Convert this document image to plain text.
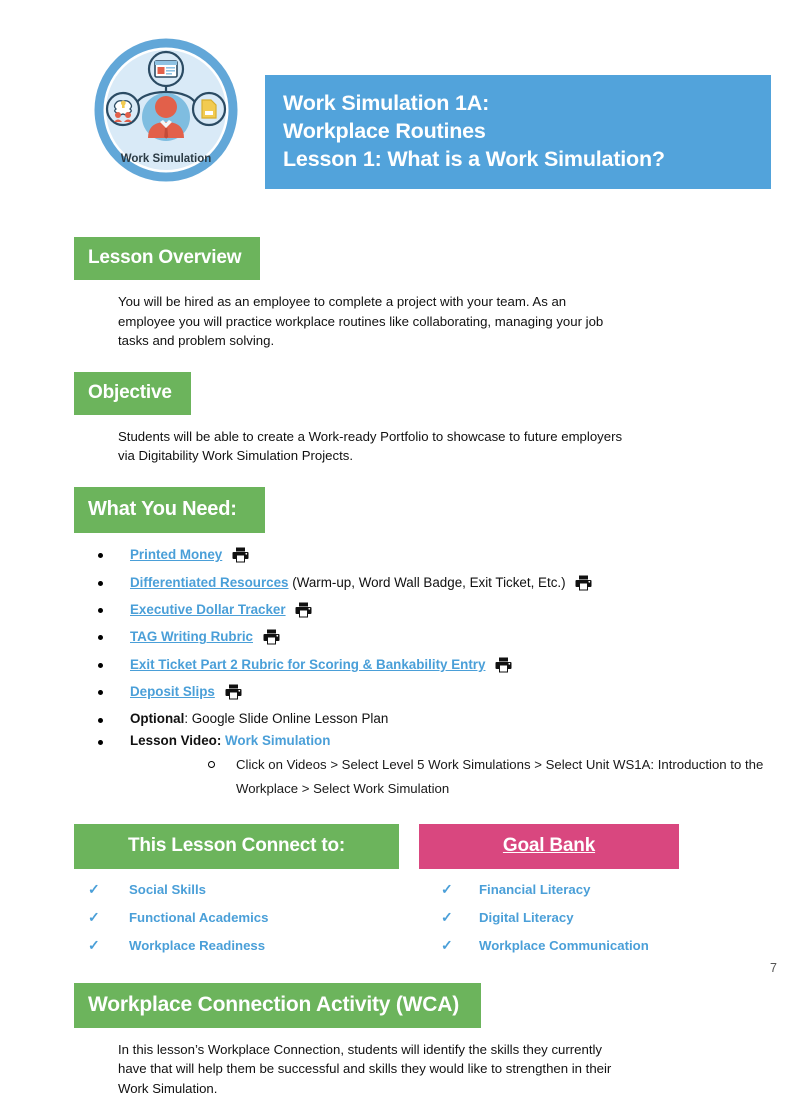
Work Simulation
Work Simulation 1A:
Workplace Routines
Lesson 1: What is a Work Simulation?
Lesson Overview

You will be hired as an employee to complete a project with your team. As an employee you will practice workplace routines like collaborating, managing your job tasks and problem solving.

Objective

Students will be able to create a Work-ready Portfolio to showcase to future employers via Digitability Work Simulation Projects.

What You Need:
Printed Money
Differentiated Resources (Warm-up, Word Wall Badge, Exit Ticket, Etc.)
Executive Dollar Tracker
TAG Writing Rubric
Exit Ticket Part 2 Rubric for Scoring & Bankability Entry
Deposit Slips
Optional: Google Slide Online Lesson Plan
Lesson Video: Work Simulation
Click on Videos > Select Level 5 Work Simulations > Select Unit WS1A: Introduction to the Workplace > Select Work Simulation
This Lesson Connect to:
✓ Social Skills
✓ Functional Academics
✓ Workplace Readiness
Goal Bank
✓ Financial Literacy
✓ Digital Literacy
✓ Workplace Communication
Workplace Connection Activity (WCA)

In this lesson’s Workplace Connection, students will identify the skills they currently have that will help them be successful and skills they would like to strengthen in their Work Simulation.

7
